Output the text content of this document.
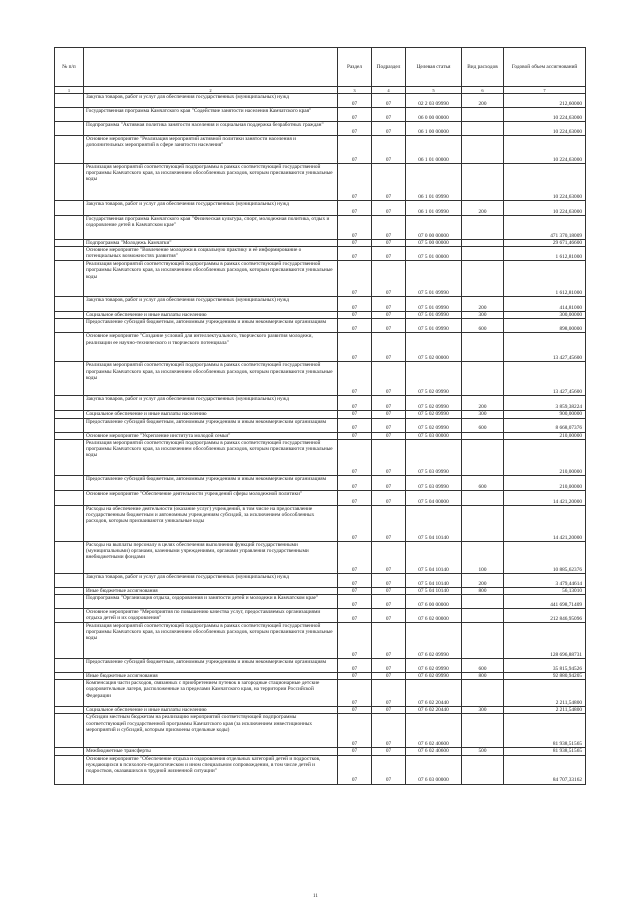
№ п/п		Раздел	Подраздел	Целевая статья	Вид расходов	Годовой объем ассигнований
1	2	3	4	5	6	7
	Закупка товаров, работ и услуг для обеспечения государственных (муниципальных) нужд	07	07	02 2 03 09990	200	212,60000
	Государственная программа Камчатского края "Содействие занятости населения Камчатского края"	07	07	06 0 00 00000		10 224,63000
	Подпрограмма "Активная политика занятости населения и социальная поддержка безработных граждан"	07	07	06 1 00 00000		10 224,63000
	Основное мероприятие "Реализация мероприятий активной политики занятости населения и дополнительных мероприятий в сфере занятости населения"	07	07	06 1 01 00000		10 224,63000
	Реализация мероприятий соответствующей подпрограммы в рамках соответствующей государственной программы Камчатского края, за исключением обособленных расходов, которым присваиваются уникальные коды	07	07	06 1 01 09990		10 224,63000
	Закупка товаров, работ и услуг для обеспечения государственных (муниципальных) нужд	07	07	06 1 01 09990	200	10 224,63000
	Государственная программа Камчатского края "Физическая культура, спорт, молодежная политика, отдых и оздоровление детей в Камчатском крае"	07	07	07 0 00 00000		471 370,18009
	Подпрограмма "Молодежь Камчатки"	07	07	07 5 00 00000		29 671,46600
	Основное мероприятие "Вовлечение молодежи в социальную практику и её информирование о потенциальных возможностях развития"	07	07	07 5 01 00000		1 612,81000
	Реализация мероприятий соответствующей подпрограммы в рамках соответствующей государственной программы Камчатского края, за исключением обособленных расходов, которым присваиваются уникальные коды	07	07	07 5 01 09990		1 612,81000
	Закупка товаров, работ и услуг для обеспечения государственных (муниципальных) нужд	07	07	07 5 01 09990	200	414,81000
	Социальное обеспечение и иные выплаты населению	07	07	07 5 01 09990	300	300,00000
	Предоставление субсидий бюджетным, автономным учреждениям и иным некоммерческим организациям	07	07	07 5 01 09990	600	898,00000
	Основное мероприятие "Создание условий для интеллектуального, творческого развития молодежи, реализации ее научно-технического и творческого потенциала"	07	07	07 5 02 00000		13 427,45600
	Реализация мероприятий соответствующей подпрограммы в рамках соответствующей государственной программы Камчатского края, за исключением обособленных расходов, которым присваиваются уникальные коды	07	07	07 5 02 09990		13 427,45600
	Закупка товаров, работ и услуг для обеспечения государственных (муниципальных) нужд	07	07	07 5 02 09990	200	3 859,38224
	Социальное обеспечение и иные выплаты населению	07	07	07 5 02 09990	300	900,00000
	Предоставление субсидий бюджетным, автономным учреждениям и иным некоммерческим организациям	07	07	07 5 02 09990	600	8 668,07376
	Основное мероприятие "Укрепление института молодой семьи"	07	07	07 5 03 00000		210,00000
	Реализация мероприятий соответствующей подпрограммы в рамках соответствующей государственной программы Камчатского края, за исключением обособленных расходов, которым присваиваются уникальные коды	07	07	07 5 03 09990		210,00000
	Предоставление субсидий бюджетным, автономным учреждениям и иным некоммерческим организациям	07	07	07 5 03 09990	600	210,00000
	Основное мероприятие "Обеспечение деятельности учреждений сферы молодежной политики"	07	07	07 5 04 00000		14 421,20000
	Расходы на обеспечение деятельности (оказание услуг) учреждений, в том числе на предоставление государственным бюджетным и автономным учреждениям субсидий, за исключением обособленных расходов, которым присваиваются уникальные коды	07	07	07 5 04 10140		14 421,20000
	Расходы на выплаты персоналу в целях обеспечения выполнения функций государственными (муниципальными) органами, казенными учреждениями, органами управления государственными внебюджетными фондами	07	07	07 5 04 10140	100	10 885,62376
	Закупка товаров, работ и услуг для обеспечения государственных (муниципальных) нужд	07	07	07 5 04 10140	200	3 479,44614
	Иные бюджетные ассигнования	07	07	07 5 04 10140	800	56,13010
	Подпрограмма "Организация отдыха, оздоровления и занятости детей и молодежи в Камчатском крае"	07	07	07 6 00 00000		441 698,71409
	Основное мероприятие "Мероприятия по повышению качества услуг, предоставляемых организациями отдыха детей и их оздоровления"	07	07	07 6 02 00000		212 846,95096
	Реализация мероприятий соответствующей подпрограммы в рамках соответствующей государственной программы Камчатского края, за исключением обособленных расходов, которым присваиваются уникальные коды	07	07	07 6 02 09990		128 696,88731
	Предоставление субсидий бюджетным, автономным учреждениям и иным некоммерческим организациям	07	07	07 6 02 09990	600	35 815,94526
	Иные бюджетные ассигнования	07	07	07 6 02 09990	800	92 880,94205
	Компенсация части расходов, связанных с приобретением путевок в загородные стационарные детские оздоровительные лагеря, расположенные за пределами Камчатского края, на территории Российской Федерации	07	07	07 6 02 20440		2 211,54800
	Социальное обеспечение и иные выплаты населению	07	07	07 6 02 20440	300	2 211,54800
	Субсидии местным бюджетам на реализацию мероприятий соответствующей подпрограммы соответствующей государственной программы Камчатского края (за исключением инвестиционных мероприятий и субсидий, которым присвоены отдельные коды)	07	07	07 6 02 40600		81 938,51565
	Межбюджетные трансферты	07	07	07 6 02 40600	500	81 938,51565
	Основное мероприятие "Обеспечение отдыха и оздоровления отдельных категорий детей и подростков, нуждающихся в психолого-педагогическом и ином специальном сопровождении, в том числе детей и подростков, оказавшихся в трудной жизненной ситуации"	07	07	07 6 03 00000		84 707,33162
11
